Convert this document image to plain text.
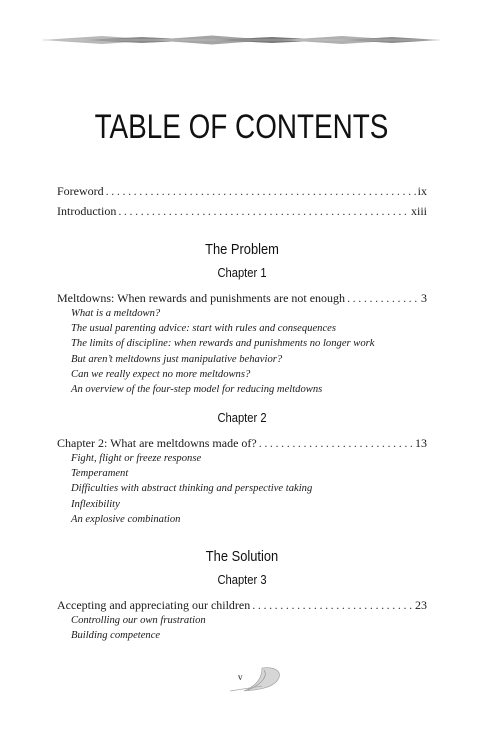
TABLE OF CONTENTS
Foreword . . .	ix
Introduction . . .	xiii
The Problem
Chapter 1
Meltdowns: When rewards and punishments are not enough . . .	3
What is a meltdown?
The usual parenting advice: start with rules and consequences
The limits of discipline: when rewards and punishments no longer work
But aren’t meltdowns just manipulative behavior?
Can we really expect no more meltdowns?
An overview of the four-step model for reducing meltdowns
Chapter 2
Chapter 2: What are meltdowns made of? . . .	13
Fight, flight or freeze response
Temperament
Difficulties with abstract thinking and perspective taking
Inflexibility
An explosive combination
The Solution
Chapter 3
Accepting and appreciating our children . . .	23
Controlling our own frustration
Building competence
v
